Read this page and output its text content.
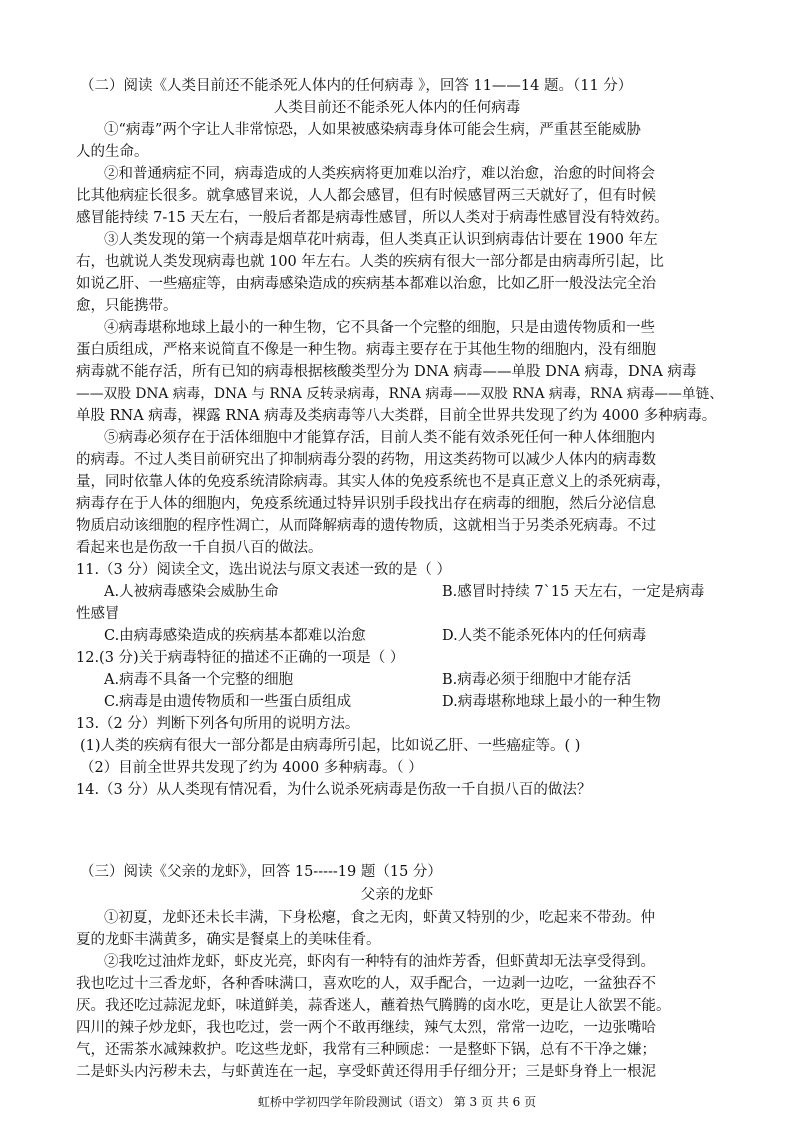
（二）阅读《人类目前还不能杀死人体内的任何病毒 》，回答 11——14 题。（11 分）
人类目前还不能杀死人体内的任何病毒
①“病毒”两个字让人非常惊恐，人如果被感染病毒身体可能会生病，严重甚至能威胁
人的生命。
②和普通病症不同，病毒造成的人类疾病将更加难以治疗，难以治愈，治愈的时间将会
比其他病症长很多。就拿感冒来说，人人都会感冒，但有时候感冒两三天就好了，但有时候
感冒能持续 7-15 天左右，一般后者都是病毒性感冒，所以人类对于病毒性感冒没有特效药。
③人类发现的第一个病毒是烟草花叶病毒，但人类真正认识到病毒估计要在 1900 年左
右，也就说人类发现病毒也就 100 年左右。人类的疾病有很大一部分都是由病毒所引起，比
如说乙肝、一些癌症等，由病毒感染造成的疾病基本都难以治愈，比如乙肝一般没法完全治
愈，只能携带。
④病毒堪称地球上最小的一种生物，它不具备一个完整的细胞，只是由遗传物质和一些
蛋白质组成，严格来说简直不像是一种生物。病毒主要存在于其他生物的细胞内，没有细胞
病毒就不能存活，所有已知的病毒根据核酸类型分为 DNA 病毒——单股 DNA 病毒，DNA 病毒
——双股 DNA 病毒，DNA 与 RNA 反转录病毒，RNA 病毒——双股 RNA 病毒，RNA 病毒——单链、
单股 RNA 病毒，裸露 RNA 病毒及类病毒等八大类群，目前全世界共发现了约为 4000 多种病毒。
⑤病毒必须存在于活体细胞中才能算存活，目前人类不能有效杀死任何一种人体细胞内
的病毒。不过人类目前研究出了抑制病毒分裂的药物，用这类药物可以减少人体内的病毒数
量，同时依靠人体的免疫系统清除病毒。其实人体的免疫系统也不是真正意义上的杀死病毒，
病毒存在于人体的细胞内，免疫系统通过特异识别手段找出存在病毒的细胞，然后分泌信息
物质启动该细胞的程序性凋亡，从而降解病毒的遗传物质，这就相当于另类杀死病毒。不过
看起来也是伤敌一千自损八百的做法。
11.（3 分）阅读全文，选出说法与原文表述一致的是（ ）
A.人被病毒感染会威胁生命	B.感冒时持续 7`15 天左右，一定是病毒
性感冒
C.由病毒感染造成的疾病基本都难以治愈	D.人类不能杀死体内的任何病毒
12.(3 分)关于病毒特征的描述不正确的一项是（ ）
A.病毒不具备一个完整的细胞	B.病毒必须于细胞中才能存活
C.病毒是由遗传物质和一些蛋白质组成	D.病毒堪称地球上最小的一种生物
13.（2 分）判断下列各句所用的说明方法。
(1)人类的疾病有很大一部分都是由病毒所引起，比如说乙肝、一些癌症等。( )
（2）目前全世界共发现了约为 4000 多种病毒。（ ）
14.（3 分）从人类现有情况看，为什么说杀死病毒是伤敌一千自损八百的做法？
（三）阅读《父亲的龙虾》，回答 15-----19 题（15 分）
父亲的龙虾
①初夏，龙虾还未长丰满，下身松瘪，食之无肉，虾黄又特别的少，吃起来不带劲。仲
夏的龙虾丰满黄多，确实是餐桌上的美味佳肴。
②我吃过油炸龙虾，虾皮光亮，虾肉有一种特有的油炸芳香，但虾黄却无法享受得到。
我也吃过十三香龙虾，各种香味满口，喜欢吃的人，双手配合，一边剥一边吃，一盆独吞不
厌。我还吃过蒜泥龙虾，味道鲜美，蒜香迷人，蘸着热气腾腾的卤水吃，更是让人欲罢不能。
四川的辣子炒龙虾，我也吃过，尝一两个不敢再继续，辣气太烈，常常一边吃，一边张嘴哈
气，还需茶水减辣救护。吃这些龙虾，我常有三种顾虑：一是整虾下锅，总有不干净之嫌；
二是虾头内污秽未去，与虾黄连在一起，享受虾黄还得用手仔细分开；三是虾身脊上一根泥
虹桥中学初四学年阶段测试（语文） 第 3 页 共 6 页
